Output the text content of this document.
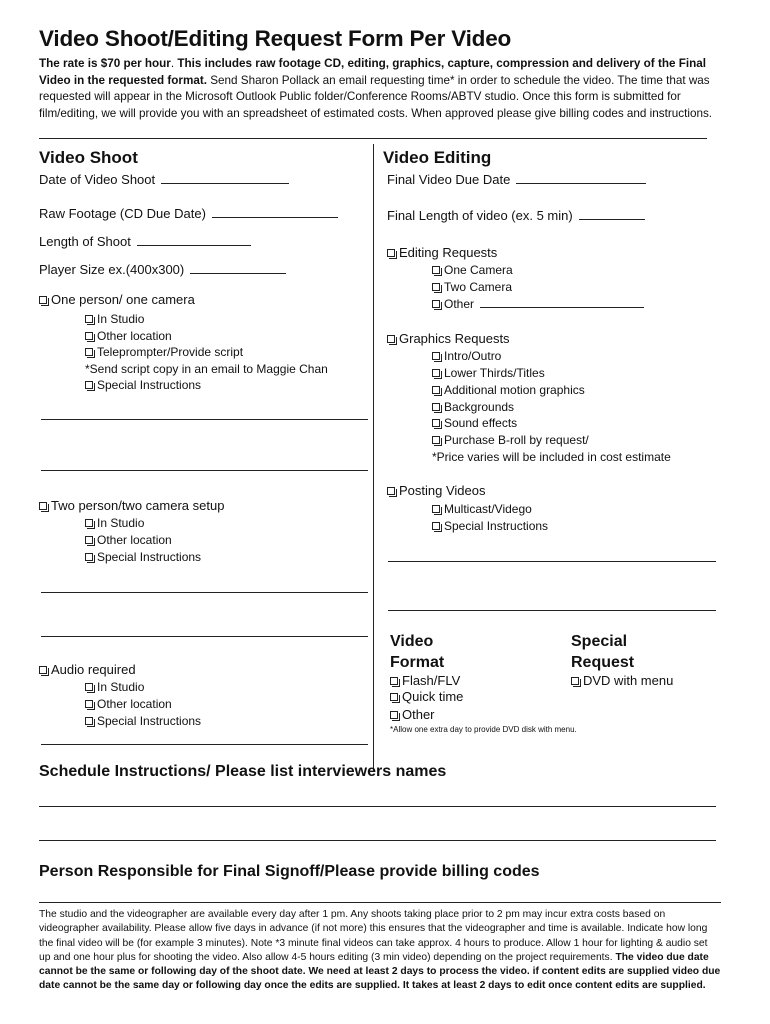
Video Shoot/Editing Request Form Per Video
The rate is $70 per hour. This includes raw footage CD, editing, graphics, capture, compression and delivery of the Final Video in the requested format. Send Sharon Pollack an email requesting time* in order to schedule the video. The time that was requested will appear in the Microsoft Outlook Public folder/Conference Rooms/ABTV studio. Once this form is submitted for film/editing, we will provide you with an spreadsheet of estimated costs. When approved please give billing codes and instructions.
Video Shoot
Date of Video Shoot
Raw Footage (CD Due Date)
Length of Shoot
Player Size ex.(400x300)
One person/ one camera
In Studio
Other location
Teleprompter/Provide script
*Send script copy in an email to Maggie Chan
Special Instructions
Two person/two camera setup
In Studio
Other location
Special Instructions
Audio required
In Studio
Other location
Special Instructions
Video Editing
Final Video Due Date
Final Length of video (ex. 5 min)
Editing Requests
One Camera
Two Camera
Other
Graphics Requests
Intro/Outro
Lower Thirds/Titles
Additional motion graphics
Backgrounds
Sound effects
Purchase B-roll by request/
*Price varies will be included in cost estimate
Posting Videos
Multicast/Vidego
Special Instructions
Video
Format
Flash/FLV
Quick time
Other
*Allow one extra day to provide DVD disk with menu.
Special
Request
DVD with menu
Schedule Instructions/ Please list interviewers names
Person Responsible for Final Signoff/Please provide billing codes
The studio and the videographer are available every day after 1 pm. Any shoots taking place prior to 2 pm may incur extra costs based on videographer availability. Please allow five days in advance (if not more) this ensures that the videographer and time is available. Indicate how long the final video will be (for example 3 minutes). Note *3 minute final videos can take approx. 4 hours to produce. Allow 1 hour for lighting & audio set up and one hour plus for shooting the video. Also allow 4-5 hours editing (3 min video) depending on the project requirements. The video due date cannot be the same or following day of the shoot date. We need at least 2 days to process the video. if content edits are supplied video due date cannot be the same day or following day once the edits are supplied. It takes at least 2 days to edit once content edits are supplied.
